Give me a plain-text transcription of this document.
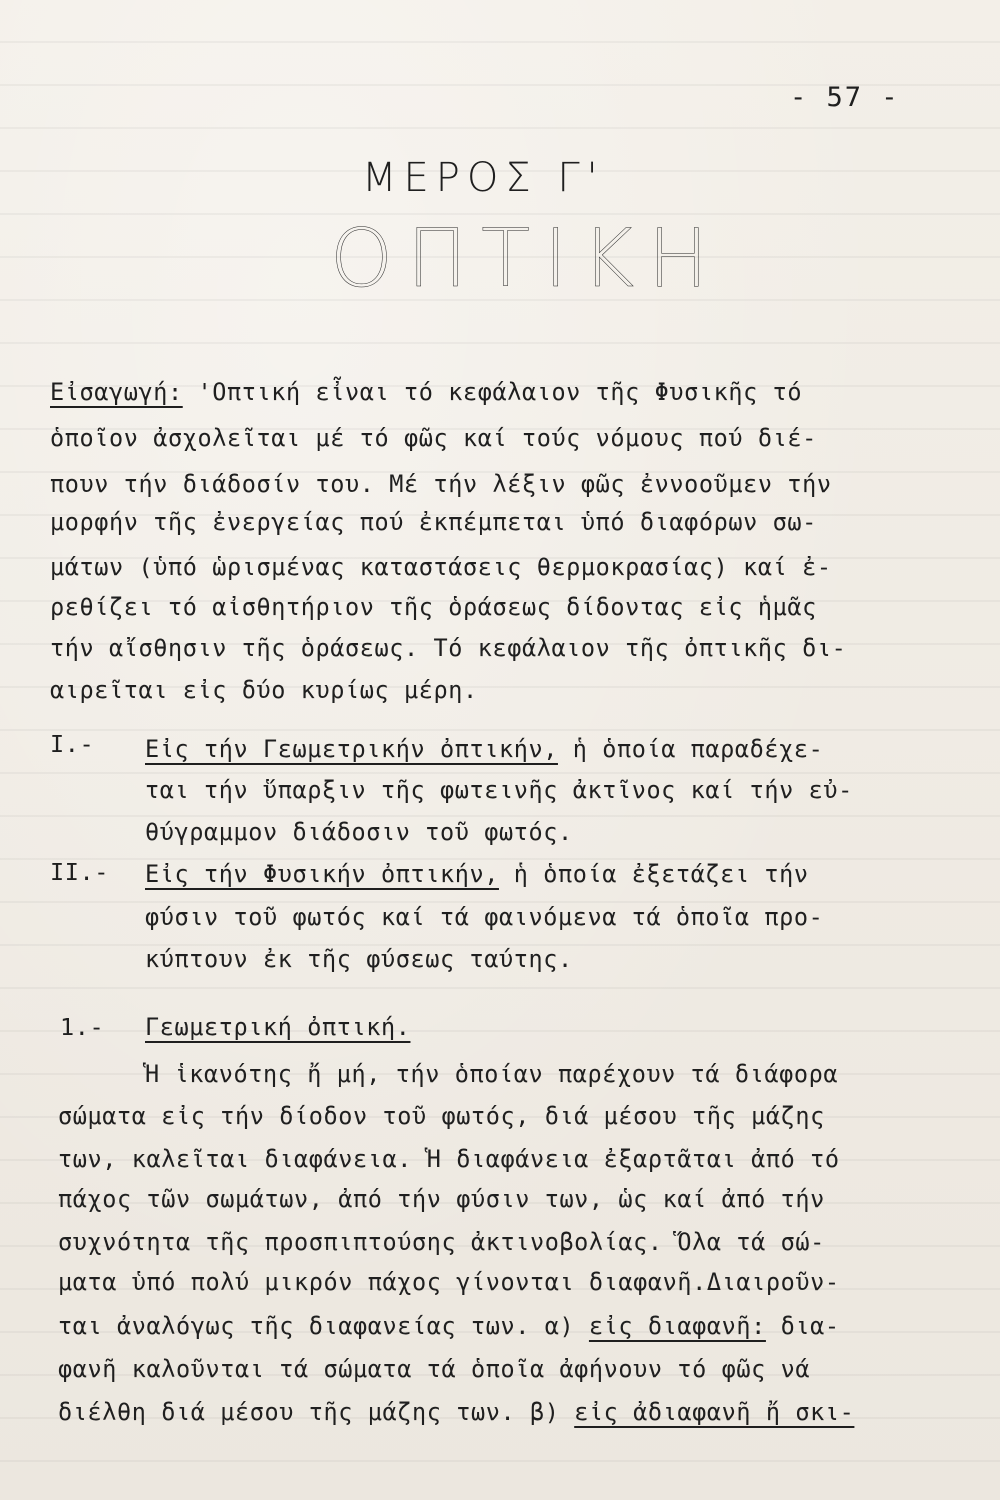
- 57 -
ΜΕΡΟΣ Γ'
ΟΠΤΙΚΗ
Εἰσαγωγή: 'Οπτική εἶναι τό κεφάλαιον τῆς Φυσικῆς τό
ὁποῖον ἀσχολεῖται μέ τό φῶς καί τούς νόμους πού διέ-
πουν τήν διάδοσίν του. Μέ τήν λέξιν φῶς ἐννοοῦμεν τήν
μορφήν τῆς ἐνεργείας πού ἐκπέμπεται ὑπό διαφόρων σω-
μάτων (ὑπό ὡρισμένας καταστάσεις θερμοκρασίας) καί ἐ-
ρεθίζει τό αἰσθητήριον τῆς ὁράσεως δίδοντας εἰς ἡμᾶς
τήν αἴσθησιν τῆς ὁράσεως. Τό κεφάλαιον τῆς ὀπτικῆς δι-
αιρεῖται εἰς δύο κυρίως μέρη.
I.- Εἰς τήν Γεωμετρικήν ὀπτικήν, ἡ ὁποία παραδέχε-
ται τήν ὕπαρξιν τῆς φωτεινῆς ἀκτῖνος καί τήν εὐ-
θύγραμμον διάδοσιν τοῦ φωτός.
II.- Εἰς τήν Φυσικήν ὀπτικήν, ἡ ὁποία ἐξετάζει τήν
φύσιν τοῦ φωτός καί τά φαινόμενα τά ὁποῖα προ-
κύπτουν ἐκ τῆς φύσεως ταύτης.
1.- Γεωμετρική ὀπτική.
Ἡ ἱκανότης ἤ μή, τήν ὁποίαν παρέχουν τά διάφορα
σώματα εἰς τήν δίοδον τοῦ φωτός, διά μέσου τῆς μάζης
των, καλεῖται διαφάνεια. Ἡ διαφάνεια ἐξαρτᾶται ἀπό τό
πάχος τῶν σωμάτων, ἀπό τήν φύσιν των, ὡς καί ἀπό τήν
συχνότητα τῆς προσπιπτούσης ἀκτινοβολίας. Ὅλα τά σώ-
ματα ὑπό πολύ μικρόν πάχος γίνονται διαφανῆ.Διαιροῦν-
ται ἀναλόγως τῆς διαφανείας των. α) εἰς διαφανῆ: δια-
φανῆ καλοῦνται τά σώματα τά ὁποῖα ἀφήνουν τό φῶς νά
διέλθη διά μέσου τῆς μάζης των. β) εἰς ἀδιαφανῆ ἤ σκι-
